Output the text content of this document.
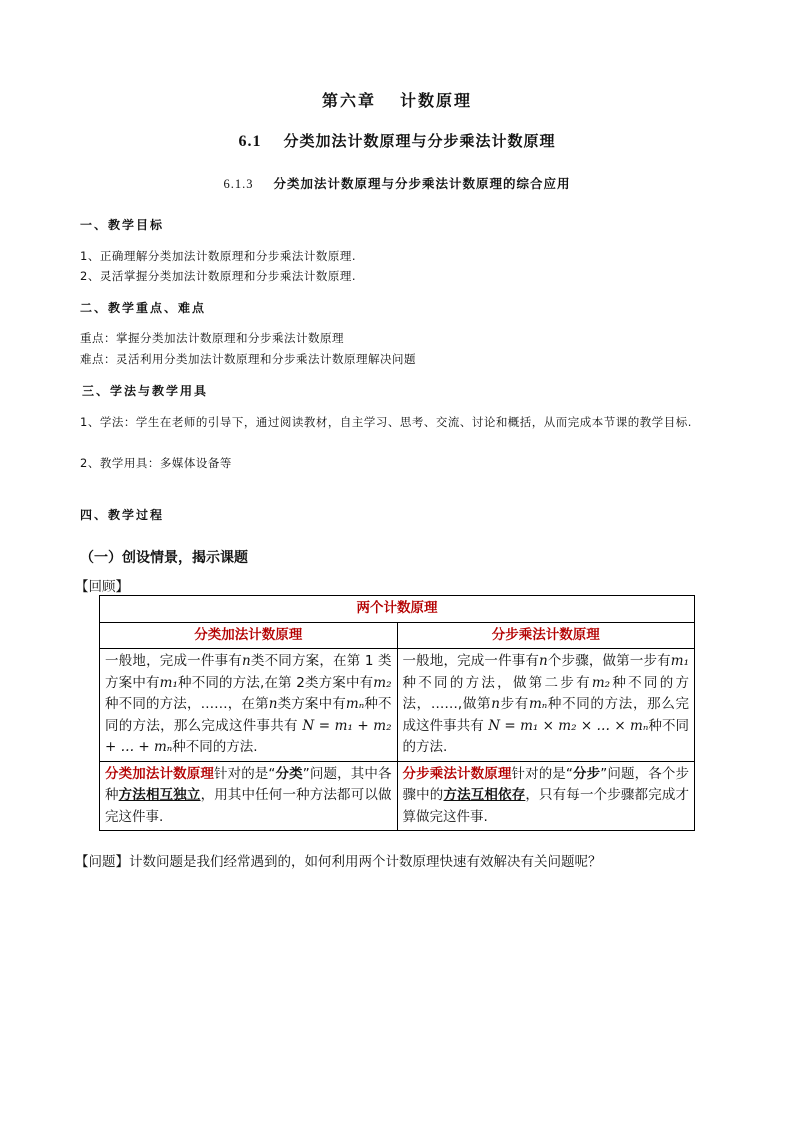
第六章 计数原理
6.1 分类加法计数原理与分步乘法计数原理
6.1.3 分类加法计数原理与分步乘法计数原理的综合应用
一、教学目标
1、正确理解分类加法计数原理和分步乘法计数原理.
2、灵活掌握分类加法计数原理和分步乘法计数原理.
二、教学重点、难点
重点：掌握分类加法计数原理和分步乘法计数原理
难点：灵活利用分类加法计数原理和分步乘法计数原理解决问题
三、学法与教学用具
1、学法：学生在老师的引导下，通过阅读教材，自主学习、思考、交流、讨论和概括，从而完成本节课的教学目标.
2、教学用具：多媒体设备等
四、教学过程
（一）创设情景，揭示课题
【回顾】
两个计数原理	
分类加法计数原理	分步乘法计数原理
一般地，完成一件事有n类不同方案，在第 1 类方案中有m₁种不同的方法,在第 2类方案中有m₂种不同的方法，……，在第n类方案中有mₙ种不同的方法，那么完成这件事共有 N = m₁ + m₂ + … + mₙ种不同的方法.	一般地，完成一件事有n个步骤，做第一步有m₁种不同的方法，做第二步有m₂种不同的方法，……,做第n步有mₙ种不同的方法，那么完成这件事共有 N = m₁ × m₂ × … × mₙ种不同的方法.
分类加法计数原理针对的是“分类”问题，其中各种方法相互独立，用其中任何一种方法都可以做完这件事.	分步乘法计数原理针对的是“分步”问题，各个步骤中的方法互相依存，只有每一个步骤都完成才算做完这件事.
【问题】计数问题是我们经常遇到的，如何利用两个计数原理快速有效解决有关问题呢？
